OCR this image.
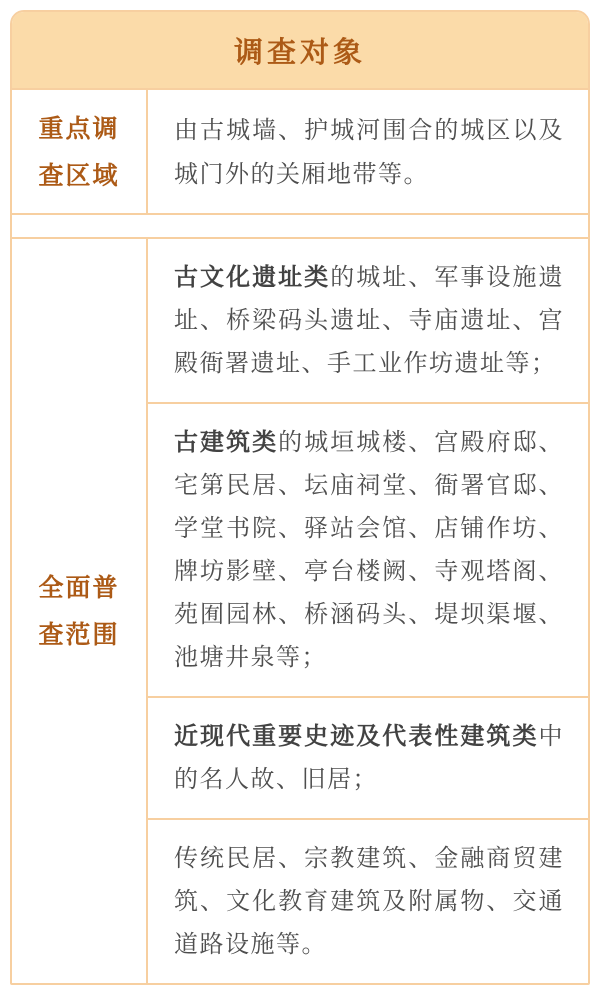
调查对象
重点调查区域
由古城墙、护城河围合的城区以及城门外的关厢地带等。
全面普查范围
古文化遗址类的城址、军事设施遗址、桥梁码头遗址、寺庙遗址、宫殿衙署遗址、手工业作坊遗址等；
古建筑类的城垣城楼、宫殿府邸、宅第民居、坛庙祠堂、衙署官邸、学堂书院、驿站会馆、店铺作坊、牌坊影壁、亭台楼阙、寺观塔阁、苑囿园林、桥涵码头、堤坝渠堰、池塘井泉等；
近现代重要史迹及代表性建筑类中的名人故、旧居；
传统民居、宗教建筑、金融商贸建筑、文化教育建筑及附属物、交通道路设施等。
